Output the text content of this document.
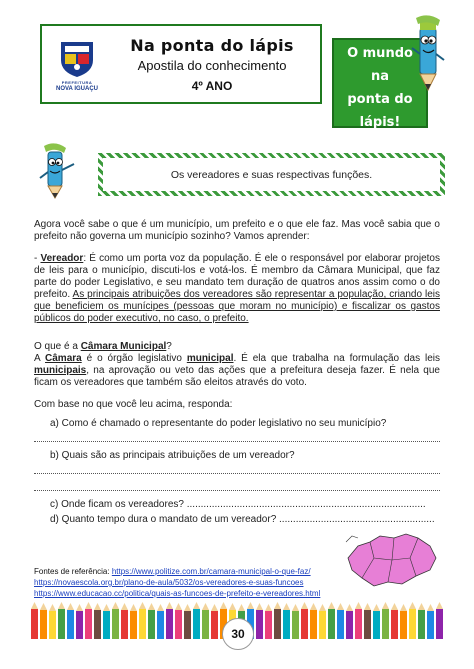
PREFEITURA
NOVA IGUAÇU
Na ponta do lápis
Apostila do conhecimento
4º ANO
O mundo
na
ponta do
lápis!
Os vereadores e suas respectivas funções.
Agora você sabe o que é um município, um prefeito e o que ele faz. Mas você sabia que o prefeito não governa um município sozinho? Vamos aprender:
- Vereador: É como um porta voz da população. É ele o responsável por elaborar projetos de leis para o município, discuti-los e votá-los. É membro da Câmara Municipal, que faz parte do poder Legislativo, e seu mandato tem duração de quatros anos assim como o do prefeito. As principais atribuições dos vereadores são representar a população, criando leis que beneficiem os munícipes (pessoas que moram no município) e fiscalizar os gastos públicos do poder executivo, no caso, o prefeito.
O que é a Câmara Municipal?
A Câmara é o órgão legislativo municipal. É ela que trabalha na formulação das leis municipais, na aprovação ou veto das ações que a prefeitura deseja fazer. É nela que ficam os vereadores que também são eleitos através do voto.
Com base no que você leu acima, responda:
a) Como é chamado o representante do poder legislativo no seu município?
b) Quais são as principais atribuições de um vereador?
c) Onde ficam os vereadores? ......................................................................................
d) Quanto tempo dura o mandato de um vereador? ........................................................
Fontes de referência: https://www.politize.com.br/camara-municipal-o-que-faz/
https://novaescola.org.br/plano-de-aula/5032/os-vereadores-e-suas-funcoes
https://www.educacao.cc/politica/quais-as-funcoes-de-prefeito-e-vereadores.html
30
